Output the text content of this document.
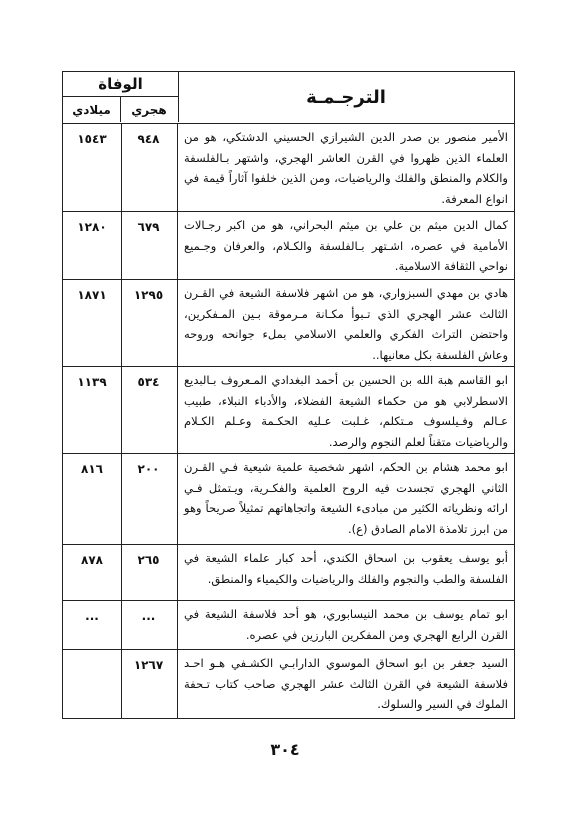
الترجـمـة
الوفاة
هجري
ميلادي
الأمير منصور بن صدر الدين الشيرازي الحسيني الدشتكي، هو من العلماء الذين ظهروا في القرن العاشر الهجري، واشتهر بـالفلسفة والكلام والمنطق والفلك والرياضيات، ومن الذين خلفوا آثاراً قيمة في انواع المعرفة.
٩٤٨
١٥٤٣
كمال الدين ميثم بن علي بن ميثم البحراني، هو من اكبر رجـالات الأمامية في عصره، اشـتهر بـالفلسفة والكـلام، والعرفان وجـميع نواحي الثقافة الاسلامية.
٦٧٩
١٢٨٠
هادي بن مهدي السبزواري، هو من اشهر فلاسفة الشيعة في القـرن الثالث عشر الهجري الذي تـبوأ مكـانة مـرموقة بـين المـفكرين، واحتضن التراث الفكري والعلمي الاسلامي بملء جوانحه وروحه وعاش الفلسفة بكل معانيها..
١٢٩٥
١٨٧١
ابو القاسم هبة الله بن الحسين بن أحمد البغدادي المـعروف بـالبديع الاسطرلابي هو من حكماء الشيعة الفضلاء، والأدباء النبلاء، طبيب عـالم وفـيلسوف مـتكلم، غـلبت عـليه الحكـمة وعـلم الكـلام والرياضيات متقناً لعلم النجوم والرصد.
٥٣٤
١١٣٩
ابو محمد هشام بن الحكم، اشهر شخصية علمية شيعية فـي القـرن الثاني الهجري تجسدت فيه الروح العلمية والفكـرية، ويـتمثل فـي ارائه ونظرياته الكثير من مبادىء الشيعة واتجاهاتهم تمثيلاً صريحاً وهو من ابرز تلامذة الامام الصادق (ع).
٢٠٠
٨١٦
أبو يوسف يعقوب بن اسحاق الكندي، أحد كبار علماء الشيعة في الفلسفة والطب والنجوم والفلك والرياضيات والكيمياء والمنطق.
٢٦٥
٨٧٨
ابو تمام يوسف بن محمد النيسابوري، هو أحد فلاسفة الشيعة في القرن الرابع الهجري ومن المفكرين البارزين في عصره.
...
...
السيد جعفر بن ابو اسحاق الموسوي الدارابـي الكشـفي هـو احـد فلاسفة الشيعة في القرن الثالث عشر الهجري صاحب كتاب تـحفة الملوك في السير والسلوك.
١٢٦٧
٣٠٤
